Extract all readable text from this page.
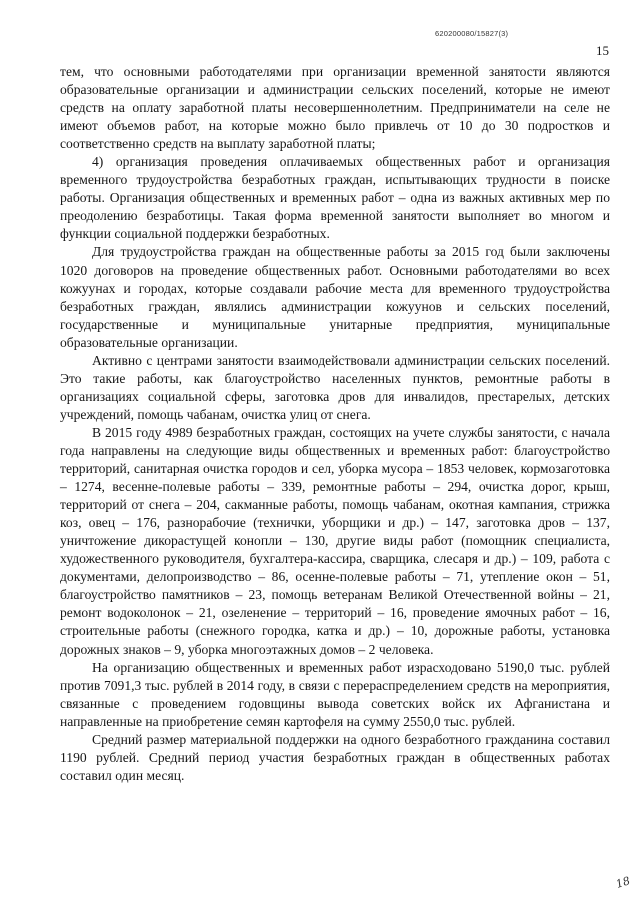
620200080/15827(3)
15

тем, что основными работодателями при организации временной занятости являются образовательные организации и администрации сельских поселений, которые не имеют средств на оплату заработной платы несовершеннолетним. Предприниматели на селе не имеют объемов работ, на которые можно было привлечь от 10 до 30 подростков и соответственно средств на выплату заработной платы;

4) организация проведения оплачиваемых общественных работ и организация временного трудоустройства безработных граждан, испытывающих трудности в поиске работы. Организация общественных и временных работ – одна из важных активных мер по преодолению безработицы. Такая форма временной занятости выполняет во многом и функции социальной поддержки безработных.

Для трудоустройства граждан на общественные работы за 2015 год были заключены 1020 договоров на проведение общественных работ. Основными работодателями во всех кожуунах и городах, которые создавали рабочие места для временного трудоустройства безработных граждан, являлись администрации кожуунов и сельских поселений, государственные и муниципальные унитарные предприятия, муниципальные образовательные организации.

Активно с центрами занятости взаимодействовали администрации сельских поселений. Это такие работы, как благоустройство населенных пунктов, ремонтные работы в организациях социальной сферы, заготовка дров для инвалидов, престарелых, детских учреждений, помощь чабанам, очистка улиц от снега.

В 2015 году 4989 безработных граждан, состоящих на учете службы занятости, с начала года направлены на следующие виды общественных и временных работ: благоустройство территорий, санитарная очистка городов и сел, уборка мусора – 1853 человек, кормозаготовка – 1274, весенне-полевые работы – 339, ремонтные работы – 294, очистка дорог, крыш, территорий от снега – 204, сакманные работы, помощь чабанам, окотная кампания, стрижка коз, овец – 176, разнорабочие (технички, уборщики и др.) – 147, заготовка дров – 137, уничтожение дикорастущей конопли – 130, другие виды работ (помощник специалиста, художественного руководителя, бухгалтера-кассира, сварщика, слесаря и др.) – 109, работа с документами, делопроизводство – 86, осенне-полевые работы – 71, утепление окон – 51, благоустройство памятников – 23, помощь ветеранам Великой Отечественной войны – 21, ремонт водоколонок – 21, озеленение – территорий – 16, проведение ямочных работ – 16, строительные работы (снежного городка, катка и др.) – 10, дорожные работы, установка дорожных знаков – 9, уборка многоэтажных домов – 2 человека.

На организацию общественных и временных работ израсходовано 5190,0 тыс. рублей против 7091,3 тыс. рублей в 2014 году, в связи с перераспределением средств на мероприятия, связанные с проведением годовщины вывода советских войск их Афганистана и направленные на приобретение семян картофеля на сумму 2550,0 тыс. рублей.

Средний размер материальной поддержки на одного безработного гражданина составил 1190 рублей. Средний период участия безработных граждан в общественных работах составил один месяц.

18
